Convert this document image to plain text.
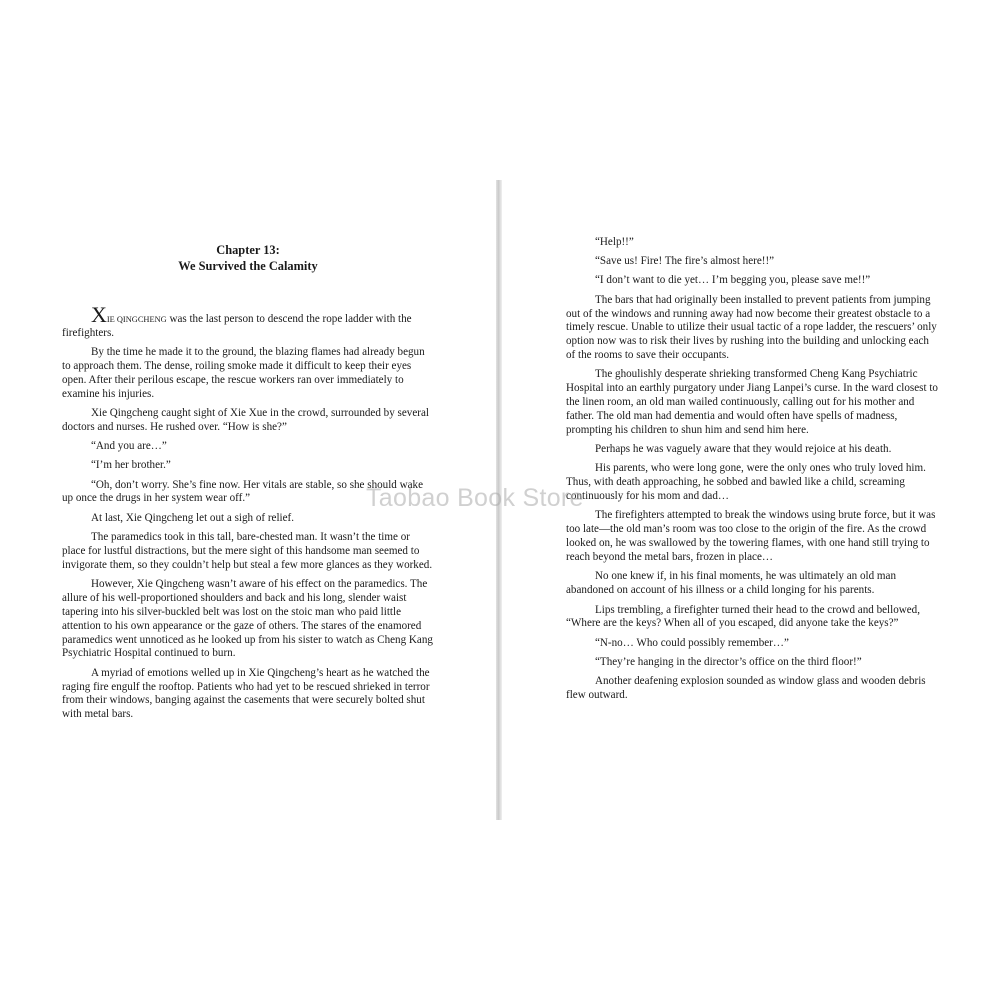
Chapter 13:
We Survived the Calamity

XIE QINGCHENG was the last person to descend the rope ladder with the firefighters.

By the time he made it to the ground, the blazing flames had already begun to approach them. The dense, roiling smoke made it difficult to keep their eyes open. After their perilous escape, the rescue workers ran over immediately to examine his injuries.

Xie Qingcheng caught sight of Xie Xue in the crowd, surrounded by several doctors and nurses. He rushed over. “How is she?”

“And you are…”

“I’m her brother.”

“Oh, don’t worry. She’s fine now. Her vitals are stable, so she should wake up once the drugs in her system wear off.”

At last, Xie Qingcheng let out a sigh of relief.

The paramedics took in this tall, bare-chested man. It wasn’t the time or place for lustful distractions, but the mere sight of this handsome man seemed to invigorate them, so they couldn’t help but steal a few more glances as they worked.

However, Xie Qingcheng wasn’t aware of his effect on the paramedics. The allure of his well-proportioned shoulders and back and his long, slender waist tapering into his silver-buckled belt was lost on the stoic man who paid little attention to his own appearance or the gaze of others. The stares of the enamored paramedics went unnoticed as he looked up from his sister to watch as Cheng Kang Psychiatric Hospital continued to burn.

A myriad of emotions welled up in Xie Qingcheng’s heart as he watched the raging fire engulf the rooftop. Patients who had yet to be rescued shrieked in terror from their windows, banging against the casements that were securely bolted shut with metal bars.

“Help!!”

“Save us! Fire! The fire’s almost here!!”

“I don’t want to die yet… I’m begging you, please save me!!”

The bars that had originally been installed to prevent patients from jumping out of the windows and running away had now become their greatest obstacle to a timely rescue. Unable to utilize their usual tactic of a rope ladder, the rescuers’ only option now was to risk their lives by rushing into the building and unlocking each of the rooms to save their occupants.

The ghoulishly desperate shrieking transformed Cheng Kang Psychiatric Hospital into an earthly purgatory under Jiang Lanpei’s curse. In the ward closest to the linen room, an old man wailed continuously, calling out for his mother and father. The old man had dementia and would often have spells of madness, prompting his children to shun him and send him here.

Perhaps he was vaguely aware that they would rejoice at his death.

His parents, who were long gone, were the only ones who truly loved him. Thus, with death approaching, he sobbed and bawled like a child, screaming continuously for his mom and dad…

The firefighters attempted to break the windows using brute force, but it was too late—the old man’s room was too close to the origin of the fire. As the crowd looked on, he was swallowed by the towering flames, with one hand still trying to reach beyond the metal bars, frozen in place…

No one knew if, in his final moments, he was ultimately an old man abandoned on account of his illness or a child longing for his parents.

Lips trembling, a firefighter turned their head to the crowd and bellowed, “Where are the keys? When all of you escaped, did anyone take the keys?”

“N-no… Who could possibly remember…”

“They’re hanging in the director’s office on the third floor!”

Another deafening explosion sounded as window glass and wooden debris flew outward.

Taobao Book Store
